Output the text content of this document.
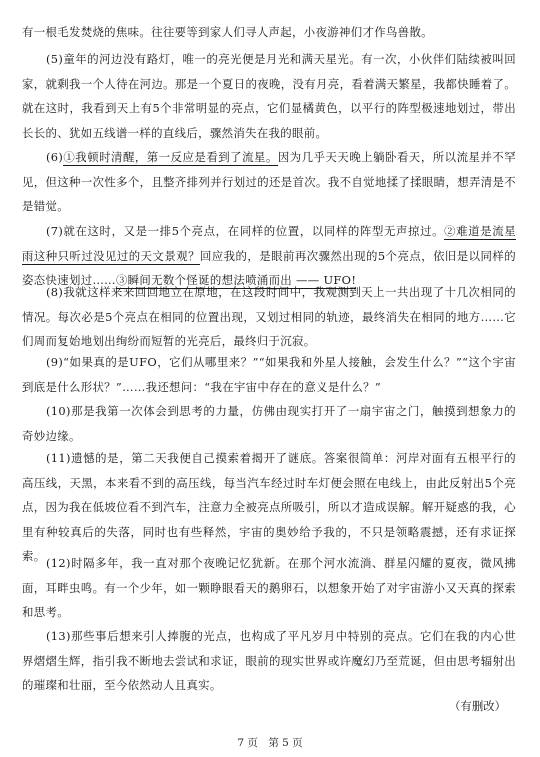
有一根毛发焚烧的焦味。往往要等到家人们寻人声起，小夜游神们才作鸟兽散。

(5)童年的河边没有路灯，唯一的亮光便是月光和满天星光。有一次，小伙伴们陆续被叫回家，就剩我一个人待在河边。那是一个夏日的夜晚，没有月亮，看着满天繁星，我都快睡着了。就在这时，我看到天上有5个非常明显的亮点，它们显橘黄色，以平行的阵型极速地划过，带出长长的、犹如五线谱一样的直线后，骤然消失在我的眼前。

(6)①我顿时清醒，第一反应是看到了流星。因为几乎天天晚上躺卧看天，所以流星并不罕见，但这种一次性多个，且整齐排列并行划过的还是首次。我不自觉地揉了揉眼睛，想弄清是不是错觉。

(7)就在这时，又是一排5个亮点，在同样的位置，以同样的阵型无声掠过。②难道是流星雨这种只听过没见过的天文景观？回应我的，是眼前再次骤然出现的5个亮点，依旧是以同样的姿态快速划过……③瞬间无数个怪诞的想法喷涌而出 —— UFO!

(8)我就这样来来回回地立在原地，在这段时间中，我观测到天上一共出现了十几次相同的情况。每次必是5个亮点在相同的位置出现，又划过相同的轨迹，最终消失在相同的地方……它们周而复始地划出绚纷而短暂的光亮后，最终归于沉寂。

(9)“如果真的是UFO，它们从哪里来？”“如果我和外星人接触，会发生什么？”“这个宇宙到底是什么形状？”……我还想问：“我在宇宙中存在的意义是什么？”

(10)那是我第一次体会到思考的力量，仿佛由现实打开了一扇宇宙之门，触摸到想象力的奇妙边缘。

(11)遗憾的是，第二天我便自己摸索着揭开了谜底。答案很简单：河岸对面有五根平行的高压线，天黑，本来看不到的高压线，每当汽车经过时车灯便会照在电线上，由此反射出5个亮点，因为我在低坡位看不到汽车，注意力全被亮点所吸引，所以才造成误解。解开疑惑的我，心里有种较真后的失落，同时也有些释然，宇宙的奥妙给予我的，不只是领略震撼，还有求证探索。 (12)时隔多年，我一直对那个夜晚记忆犹新。在那个河水流淌、群星闪耀的夏夜，微风拂面，耳畔虫鸣。有一个少年，如一颗睁眼看天的鹅卵石，以想象开始了对宇宙游小又天真的探索和思考。

(13)那些事后想来引人捧腹的光点，也构成了平凡岁月中特别的亮点。它们在我的内心世界熠熠生辉，指引我不断地去尝试和求证，眼前的现实世界或许魔幻乃至荒诞，但由思考辐射出的璀璨和壮丽，至今依然动人且真实。

（有删改）
7 页　第 5 页
